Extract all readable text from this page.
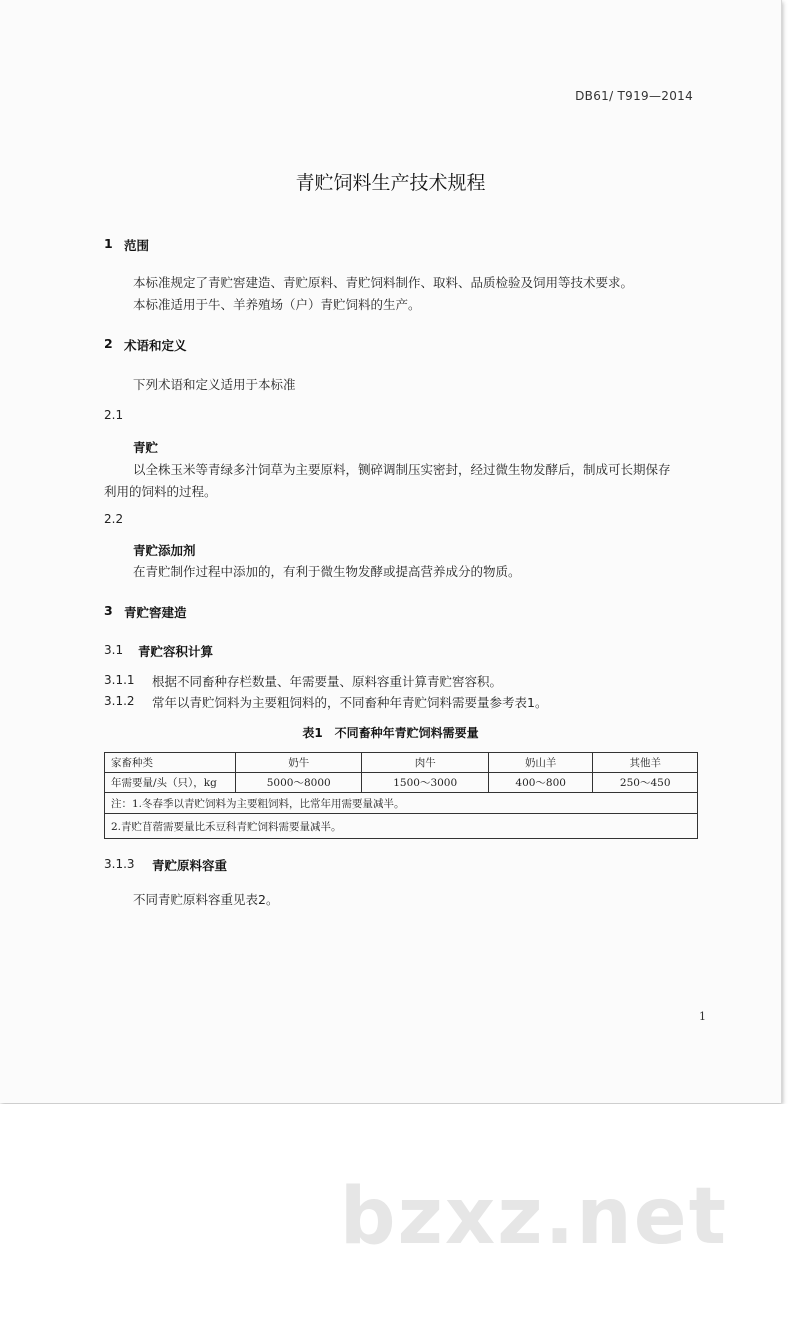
DB61/ T919—2014
青贮饲料生产技术规程
1 范围
本标准规定了青贮窖建造、青贮原料、青贮饲料制作、取料、品质检验及饲用等技术要求。
本标准适用于牛、羊养殖场（户）青贮饲料的生产。
2 术语和定义
下列术语和定义适用于本标准
2.1
青贮
以全株玉米等青绿多汁饲草为主要原料，铡碎调制压实密封，经过微生物发酵后，制成可长期保存
利用的饲料的过程。
2.2
青贮添加剂
在青贮制作过程中添加的，有利于微生物发酵或提高营养成分的物质。
3 青贮窖建造
3.1 青贮容积计算
3.1.1 根据不同畜种存栏数量、年需要量、原料容重计算青贮窖容积。
3.1.2 常年以青贮饲料为主要粗饲料的，不同畜种年青贮饲料需要量参考表1。
表1　不同畜种年青贮饲料需要量
家畜种类	奶牛	肉牛	奶山羊	其他羊
年需要量/头（只），kg	5000～8000	1500～3000	400～800	250～450
注：1.冬春季以青贮饲料为主要粗饲料，比常年用需要量减半。				
2.青贮苜蓿需要量比禾豆科青贮饲料需要量减半。				
3.1.3 青贮原料容重
不同青贮原料容重见表2。
1
bzxz.net
